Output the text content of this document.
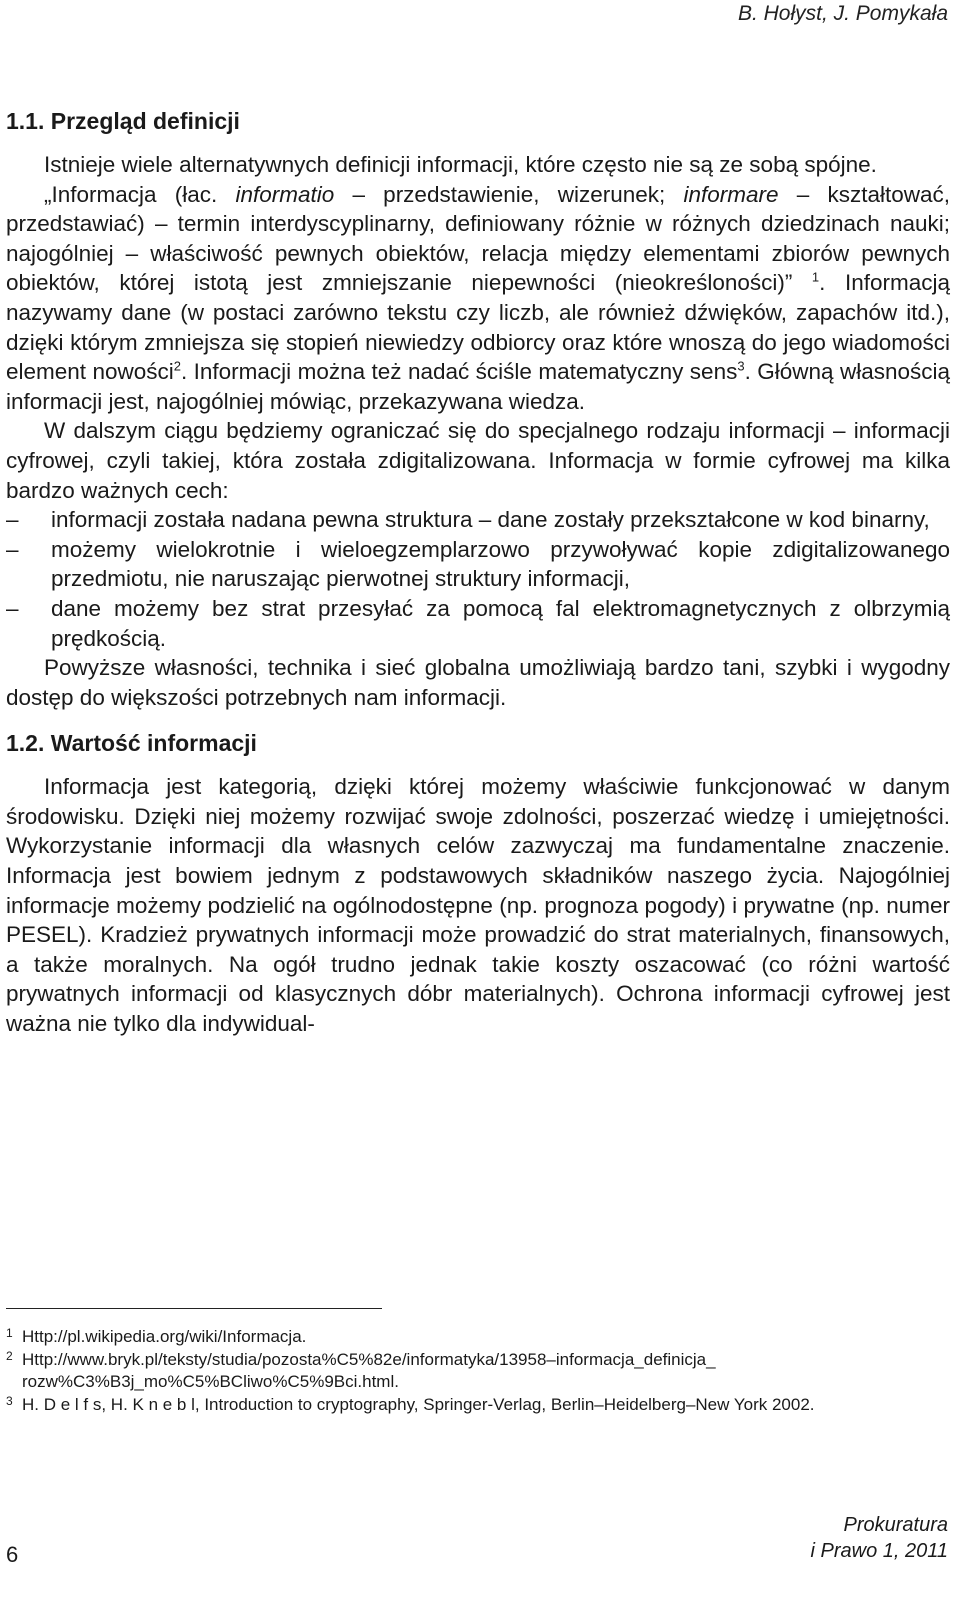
B. Hołyst, J. Pomykała
1.1. Przegląd definicji

Istnieje wiele alternatywnych definicji informacji, które często nie są ze sobą spójne.

„Informacja (łac. informatio – przedstawienie, wizerunek; informare – kształtować, przedstawiać) – termin interdyscyplinarny, definiowany różnie w różnych dziedzinach nauki; najogólniej – właściwość pewnych obiektów, relacja między elementami zbiorów pewnych obiektów, której istotą jest zmniejszanie niepewności (nieokreśloności)” $^1$. Informacją nazywamy dane (w postaci zarówno tekstu czy liczb, ale również dźwięków, zapachów itd.), dzięki którym zmniejsza się stopień niewiedzy odbiorcy oraz które wnoszą do jego wiadomości element nowości$^2$. Informacji można też nadać ściśle matematyczny sens$^3$. Główną własnością informacji jest, najogólniej mówiąc, przekazywana wiedza.

W dalszym ciągu będziemy ograniczać się do specjalnego rodzaju informacji – informacji cyfrowej, czyli takiej, która została zdigitalizowana. Informacja w formie cyfrowej ma kilka bardzo ważnych cech:

– informacji została nadana pewna struktura – dane zostały przekształcone w kod binarny,
– możemy wielokrotnie i wieloegzemplarzowo przywoływać kopie zdigitalizowanego przedmiotu, nie naruszając pierwotnej struktury informacji,
– dane możemy bez strat przesyłać za pomocą fal elektromagnetycznych z olbrzymią prędkością.

Powyższe własności, technika i sieć globalna umożliwiają bardzo tani, szybki i wygodny dostęp do większości potrzebnych nam informacji.

1.2. Wartość informacji

Informacja jest kategorią, dzięki której możemy właściwie funkcjonować w danym środowisku. Dzięki niej możemy rozwijać swoje zdolności, poszerzać wiedzę i umiejętności. Wykorzystanie informacji dla własnych celów zazwyczaj ma fundamentalne znaczenie. Informacja jest bowiem jednym z podstawowych składników naszego życia. Najogólniej informacje możemy podzielić na ogólnodostępne (np. prognoza pogody) i prywatne (np. numer PESEL). Kradzież prywatnych informacji może prowadzić do strat materialnych, finansowych, a także moralnych. Na ogół trudno jednak takie koszty oszacować (co różni wartość prywatnych informacji od klasycznych dóbr materialnych). Ochrona informacji cyfrowej jest ważna nie tylko dla indywidual-

1 Http://pl.wikipedia.org/wiki/Informacja.
2 Http://www.bryk.pl/teksty/studia/pozosta%C5%82e/informatyka/13958–informacja_definicja_ rozw%C3%B3j_mo%C5%BCliwo%C5%9Bci.html.
3 H. D e l f s, H. K n e b l, Introduction to cryptography, Springer-Verlag, Berlin–Heidelberg–New York 2002.
6
Prokuratura
i Prawo 1, 2011
